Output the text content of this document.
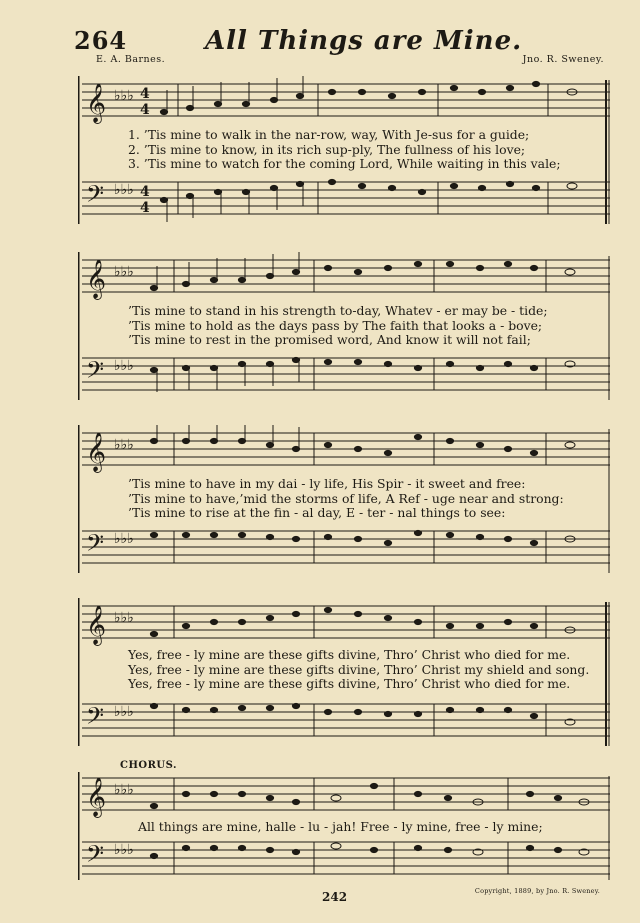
264	All Things are Mine.
E. A. Barnes.	Jno. R. Sweney.
𝄞
𝄢
♭♭♭
♭♭♭
4
4
4
4
1. ’Tis mine to walk in the nar-row, way, With Je-sus for a guide;
2. ’Tis mine to know, in its rich sup-ply, The fullness of his love;
3. ’Tis mine to watch for the coming Lord, While waiting in this vale;
𝄞
𝄢
♭♭♭
♭♭♭
’Tis mine to stand in his strength to-day, Whatev - er may be - tide;
’Tis mine to hold as the days pass by The faith that looks a - bove;
’Tis mine to rest in the promised word, And know it will not fail;
𝄞
𝄢
♭♭♭
♭♭♭
’Tis mine to have in my dai - ly life, His Spir - it sweet and free:
’Tis mine to have,’mid the storms of life, A Ref - uge near and strong:
’Tis mine to rise at the fin - al day, E - ter - nal things to see:
𝄞
𝄢
♭♭♭
♭♭♭
Yes, free - ly mine are these gifts divine, Thro’ Christ who died for me.
Yes, free - ly mine are these gifts divine, Thro’ Christ my shield and song.
Yes, free - ly mine are these gifts divine, Thro’ Christ who died for me.
CHORUS.
𝄞
𝄢
♭♭♭
♭♭♭
All things are mine, halle - lu - jah! Free - ly mine, free - ly mine;
242	Copyright, 1889, by Jno. R. Sweney.
